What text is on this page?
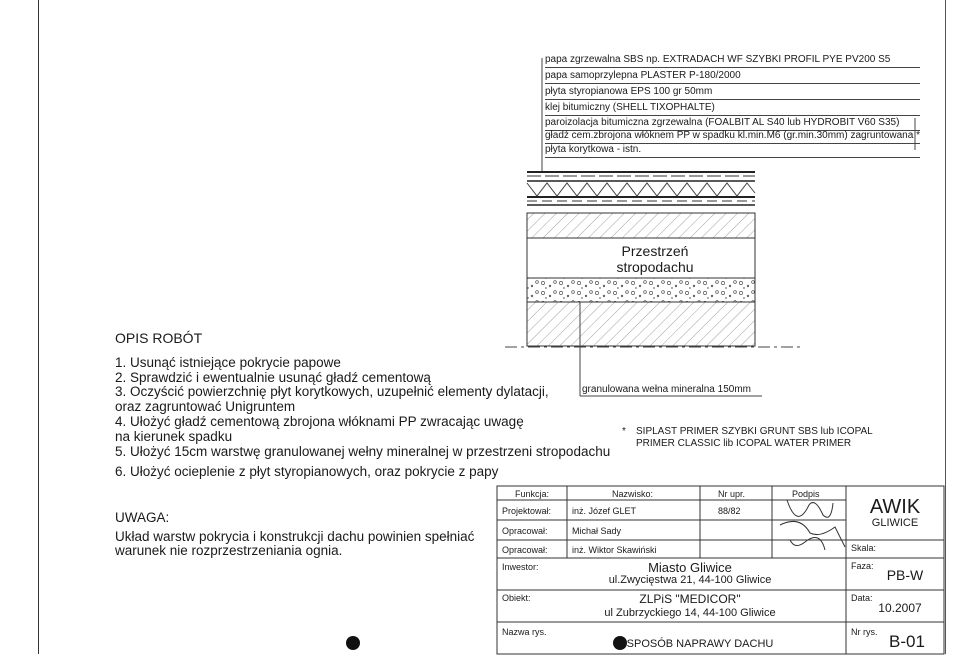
papa zgrzewalna SBS np. EXTRADACH WF SZYBKI PROFIL PYE PV200 S5
papa samoprzylepna PLASTER P-180/2000
płyta styropianowa EPS 100 gr 50mm
klej bitumiczny (SHELL TIXOPHALTE)
paroizolacja bitumiczna zgrzewalna (FOALBIT AL S40 lub HYDROBIT V60 S35)
gładź cem.zbrojona włóknem PP w spadku kl.min.M6 (gr.min.30mm) zagruntowana *
płyta korytkowa - istn.
Przestrzeń
stropodachu
granulowana wełna mineralna 150mm
* SIPLAST PRIMER SZYBKI GRUNT SBS lub ICOPAL
PRIMER CLASSIC lib ICOPAL WATER PRIMER
OPIS ROBÓT
1. Usunąć istniejące pokrycie papowe
2. Sprawdzić i ewentualnie usunąć gładź cementową
3. Oczyścić powierzchnię płyt korytkowych, uzupełnić elementy dylatacji,
oraz zagruntować Unigruntem
4. Ułożyć gładź cementową zbrojona włóknami PP zwracając uwagę
na kierunek spadku
5. Ułożyć 15cm warstwę granulowanej wełny mineralnej w przestrzeni stropodachu
6. Ułożyć ocieplenie z płyt styropianowych, oraz pokrycie z papy
UWAGA:
Układ warstw pokrycia i konstrukcji dachu powinien spełniać
warunek nie rozprzestrzeniania ognia.
Funkcja:	Nazwisko:	Nr upr.	Podpis
Projektował: inż. Józef GLET	88/82
Opracował:	Michał Sady
Opracował:	inż. Wiktor Skawiński
Inwestor:	Miasto Gliwice
ul.Zwycięstwa 21, 44-100 Gliwice
Obiekt:	ZLPiS "MEDICOR"
ul Zubrzyckiego 14, 44-100 Gliwice
Nazwa rys.
SPOSÓB NAPRAWY DACHU
AWIK
GLIWICE
Skala:
Faza:
PB-W
Data:
10.2007
Nr rys. B-01
